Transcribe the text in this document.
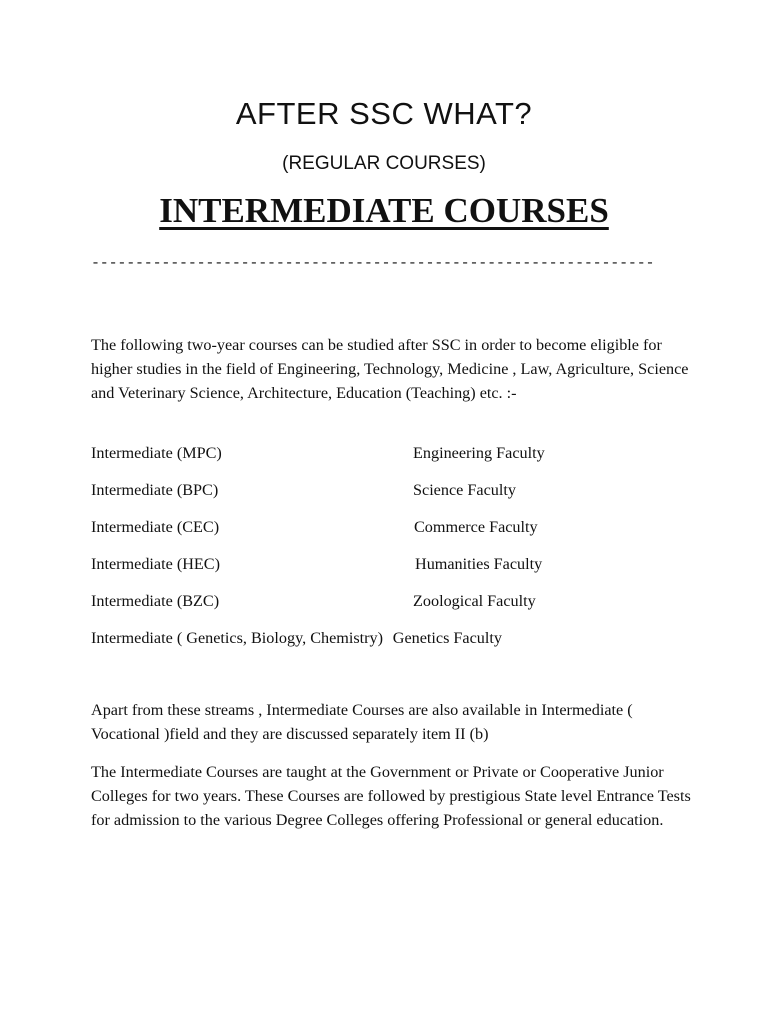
AFTER SSC WHAT?
(REGULAR COURSES)
INTERMEDIATE COURSES
----------------------------------------------------------------
The following two-year courses can be studied after SSC in order to become eligible for higher studies in the field of Engineering, Technology, Medicine , Law, Agriculture, Science and Veterinary Science, Architecture, Education (Teaching) etc. :-
Intermediate (MPC)	Engineering Faculty
Intermediate (BPC)	Science Faculty
Intermediate (CEC)	Commerce Faculty
Intermediate (HEC)	Humanities Faculty
Intermediate (BZC)	Zoological Faculty
Intermediate ( Genetics, Biology, Chemistry) Genetics Faculty
Apart from these streams , Intermediate Courses are also available in Intermediate ( Vocational )field and they are discussed separately item II (b)
The Intermediate Courses are taught at the Government or Private or Cooperative Junior Colleges for two years. These Courses are followed by prestigious State level Entrance Tests for admission to the various Degree Colleges offering Professional or general education.
